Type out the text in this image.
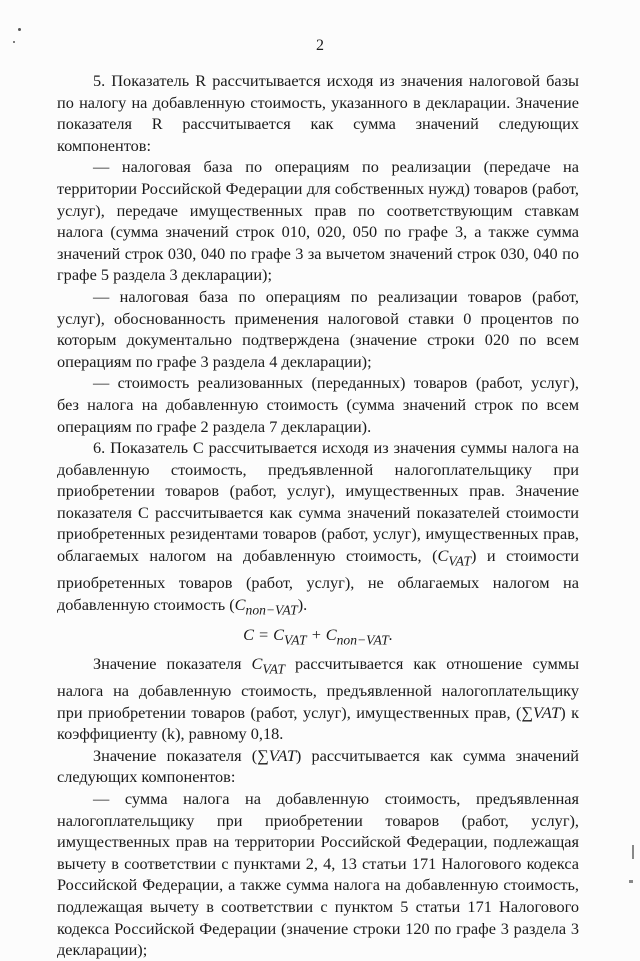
2

5. Показатель R рассчитывается исходя из значения налоговой базы по налогу на добавленную стоимость, указанного в декларации. Значение показателя R рассчитывается как сумма значений следующих компонентов:

— налоговая база по операциям по реализации (передаче на территории Российской Федерации для собственных нужд) товаров (работ, услуг), передаче имущественных прав по соответствующим ставкам налога (сумма значений строк 010, 020, 050 по графе 3, а также сумма значений строк 030, 040 по графе 3 за вычетом значений строк 030, 040 по графе 5 раздела 3 декларации);

— налоговая база по операциям по реализации товаров (работ, услуг), обоснованность применения налоговой ставки 0 процентов по которым документально подтверждена (значение строки 020 по всем операциям по графе 3 раздела 4 декларации);

— стоимость реализованных (переданных) товаров (работ, услуг), без налога на добавленную стоимость (сумма значений строк по всем операциям по графе 2 раздела 7 декларации).

6. Показатель С рассчитывается исходя из значения суммы налога на добавленную стоимость, предъявленной налогоплательщику при приобретении товаров (работ, услуг), имущественных прав. Значение показателя С рассчитывается как сумма значений показателей стоимости приобретенных резидентами товаров (работ, услуг), имущественных прав, облагаемых налогом на добавленную стоимость, $(C_{VAT})$ и стоимости приобретенных товаров (работ, услуг), не облагаемых налогом на добавленную стоимость $(C_{non-VAT})$.

$C = C_{VAT} + C_{non-VAT}$.

Значение показателя $C_{VAT}$ рассчитывается как отношение суммы налога на добавленную стоимость, предъявленной налогоплательщику при приобретении товаров (работ, услуг), имущественных прав, (∑VAT) к коэффициенту (k), равному 0,18.

Значение показателя (∑VAT) рассчитывается как сумма значений следующих компонентов:

— сумма налога на добавленную стоимость, предъявленная налогоплательщику при приобретении товаров (работ, услуг), имущественных прав на территории Российской Федерации, подлежащая вычету в соответствии с пунктами 2, 4, 13 статьи 171 Налогового кодекса Российской Федерации, а также сумма налога на добавленную стоимость, подлежащая вычету в соответствии с пунктом 5 статьи 171 Налогового кодекса Российской Федерации (значение строки 120 по графе 3 раздела 3 декларации);
